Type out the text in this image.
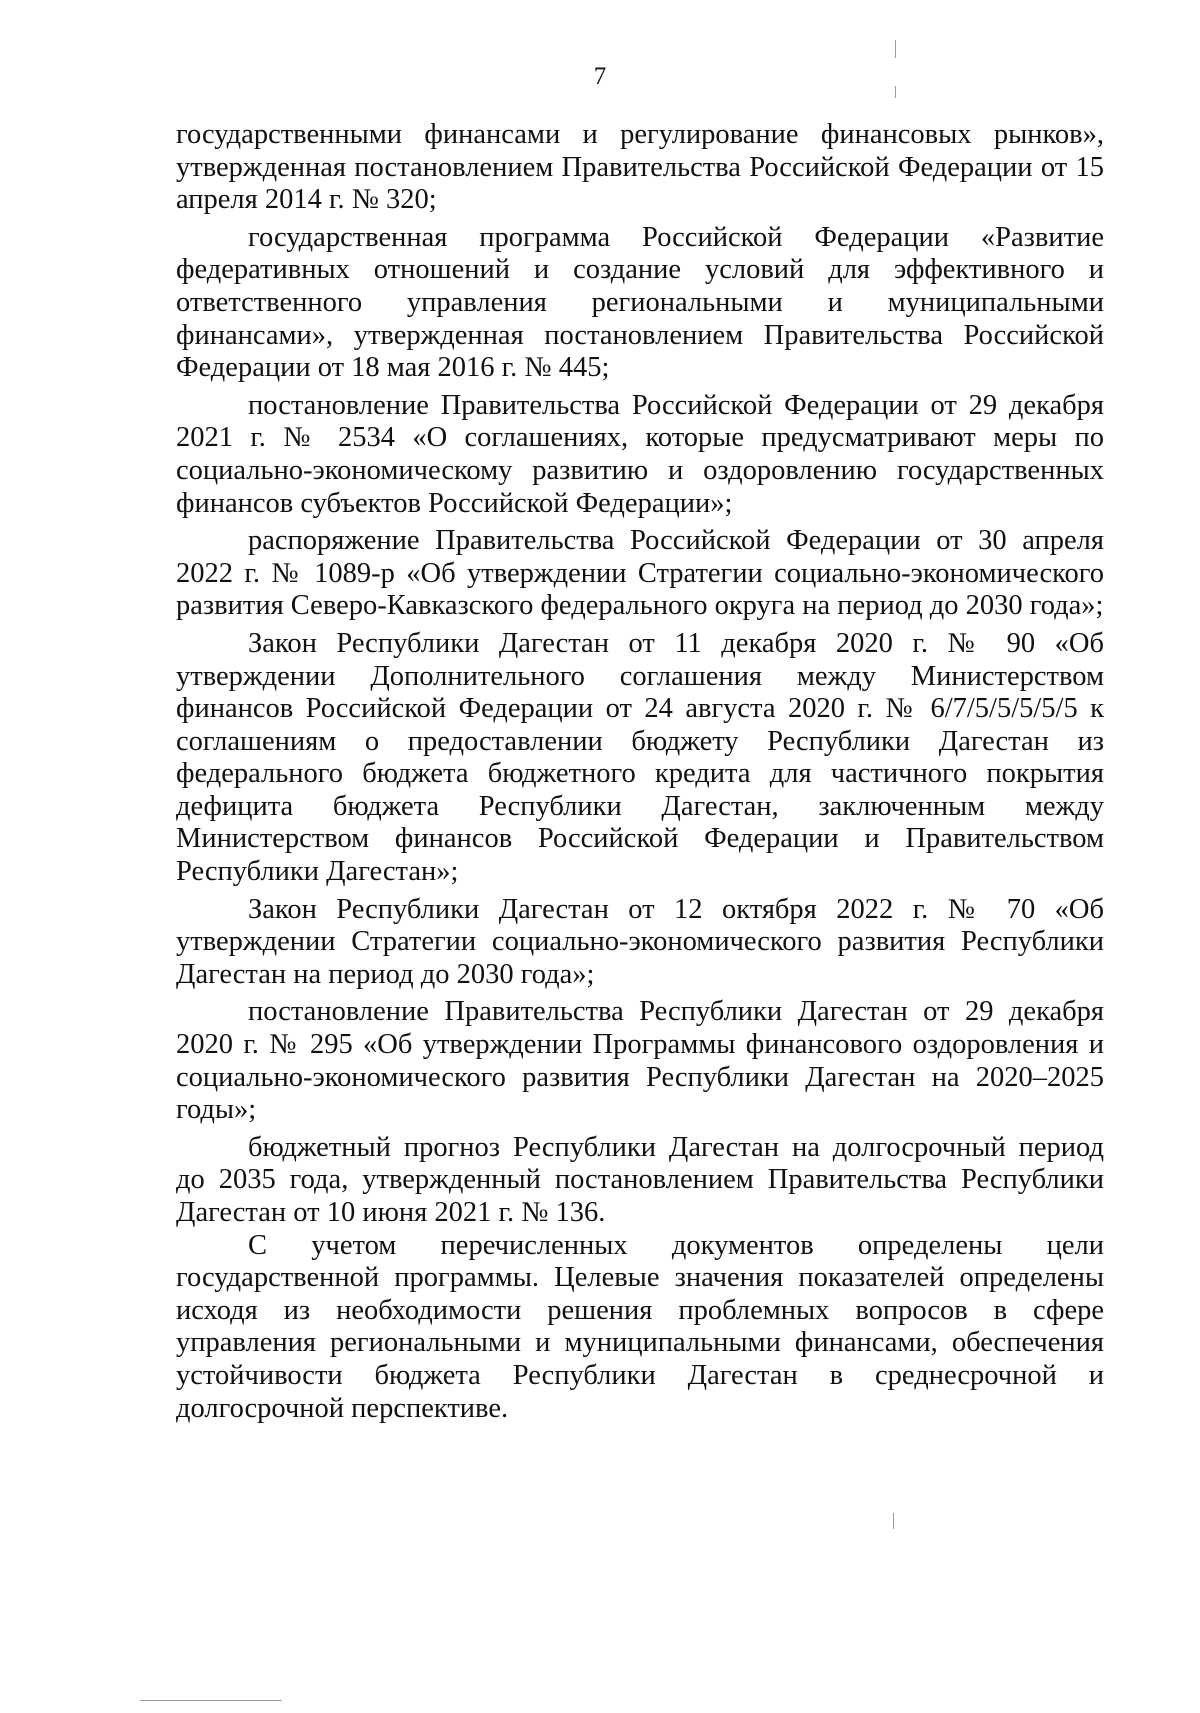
7

государственными финансами и регулирование финансовых рынков», утвержденная постановлением Правительства Российской Федерации от 15 апреля 2014 г. № 320;

государственная программа Российской Федерации «Развитие федеративных отношений и создание условий для эффективного и ответственного управления региональными и муниципальными финансами», утвержденная постановлением Правительства Российской Федерации от 18 мая 2016 г. № 445;

постановление Правительства Российской Федерации от 29 декабря 2021 г. № 2534 «О соглашениях, которые предусматривают меры по социально-экономическому развитию и оздоровлению государственных финансов субъектов Российской Федерации»;

распоряжение Правительства Российской Федерации от 30 апреля 2022 г. № 1089-р «Об утверждении Стратегии социально-экономического развития Северо-Кавказского федерального округа на период до 2030 года»;

Закон Республики Дагестан от 11 декабря 2020 г. № 90 «Об утверждении Дополнительного соглашения между Министерством финансов Российской Федерации от 24 августа 2020 г. № 6/7/5/5/5/5/5 к соглашениям о предоставлении бюджету Республики Дагестан из федерального бюджета бюджетного кредита для частичного покрытия дефицита бюджета Республики Дагестан, заключенным между Министерством финансов Российской Федерации и Правительством Республики Дагестан»;

Закон Республики Дагестан от 12 октября 2022 г. № 70 «Об утверждении Стратегии социально-экономического развития Республики Дагестан на период до 2030 года»;

постановление Правительства Республики Дагестан от 29 декабря 2020 г. № 295 «Об утверждении Программы финансового оздоровления и социально-экономического развития Республики Дагестан на 2020–2025 годы»;

бюджетный прогноз Республики Дагестан на долгосрочный период до 2035 года, утвержденный постановлением Правительства Республики Дагестан от 10 июня 2021 г. № 136.

С учетом перечисленных документов определены цели государственной программы. Целевые значения показателей определены исходя из необходимости решения проблемных вопросов в сфере управления региональными и муниципальными финансами, обеспечения устойчивости бюджета Республики Дагестан в среднесрочной и долгосрочной перспективе.
